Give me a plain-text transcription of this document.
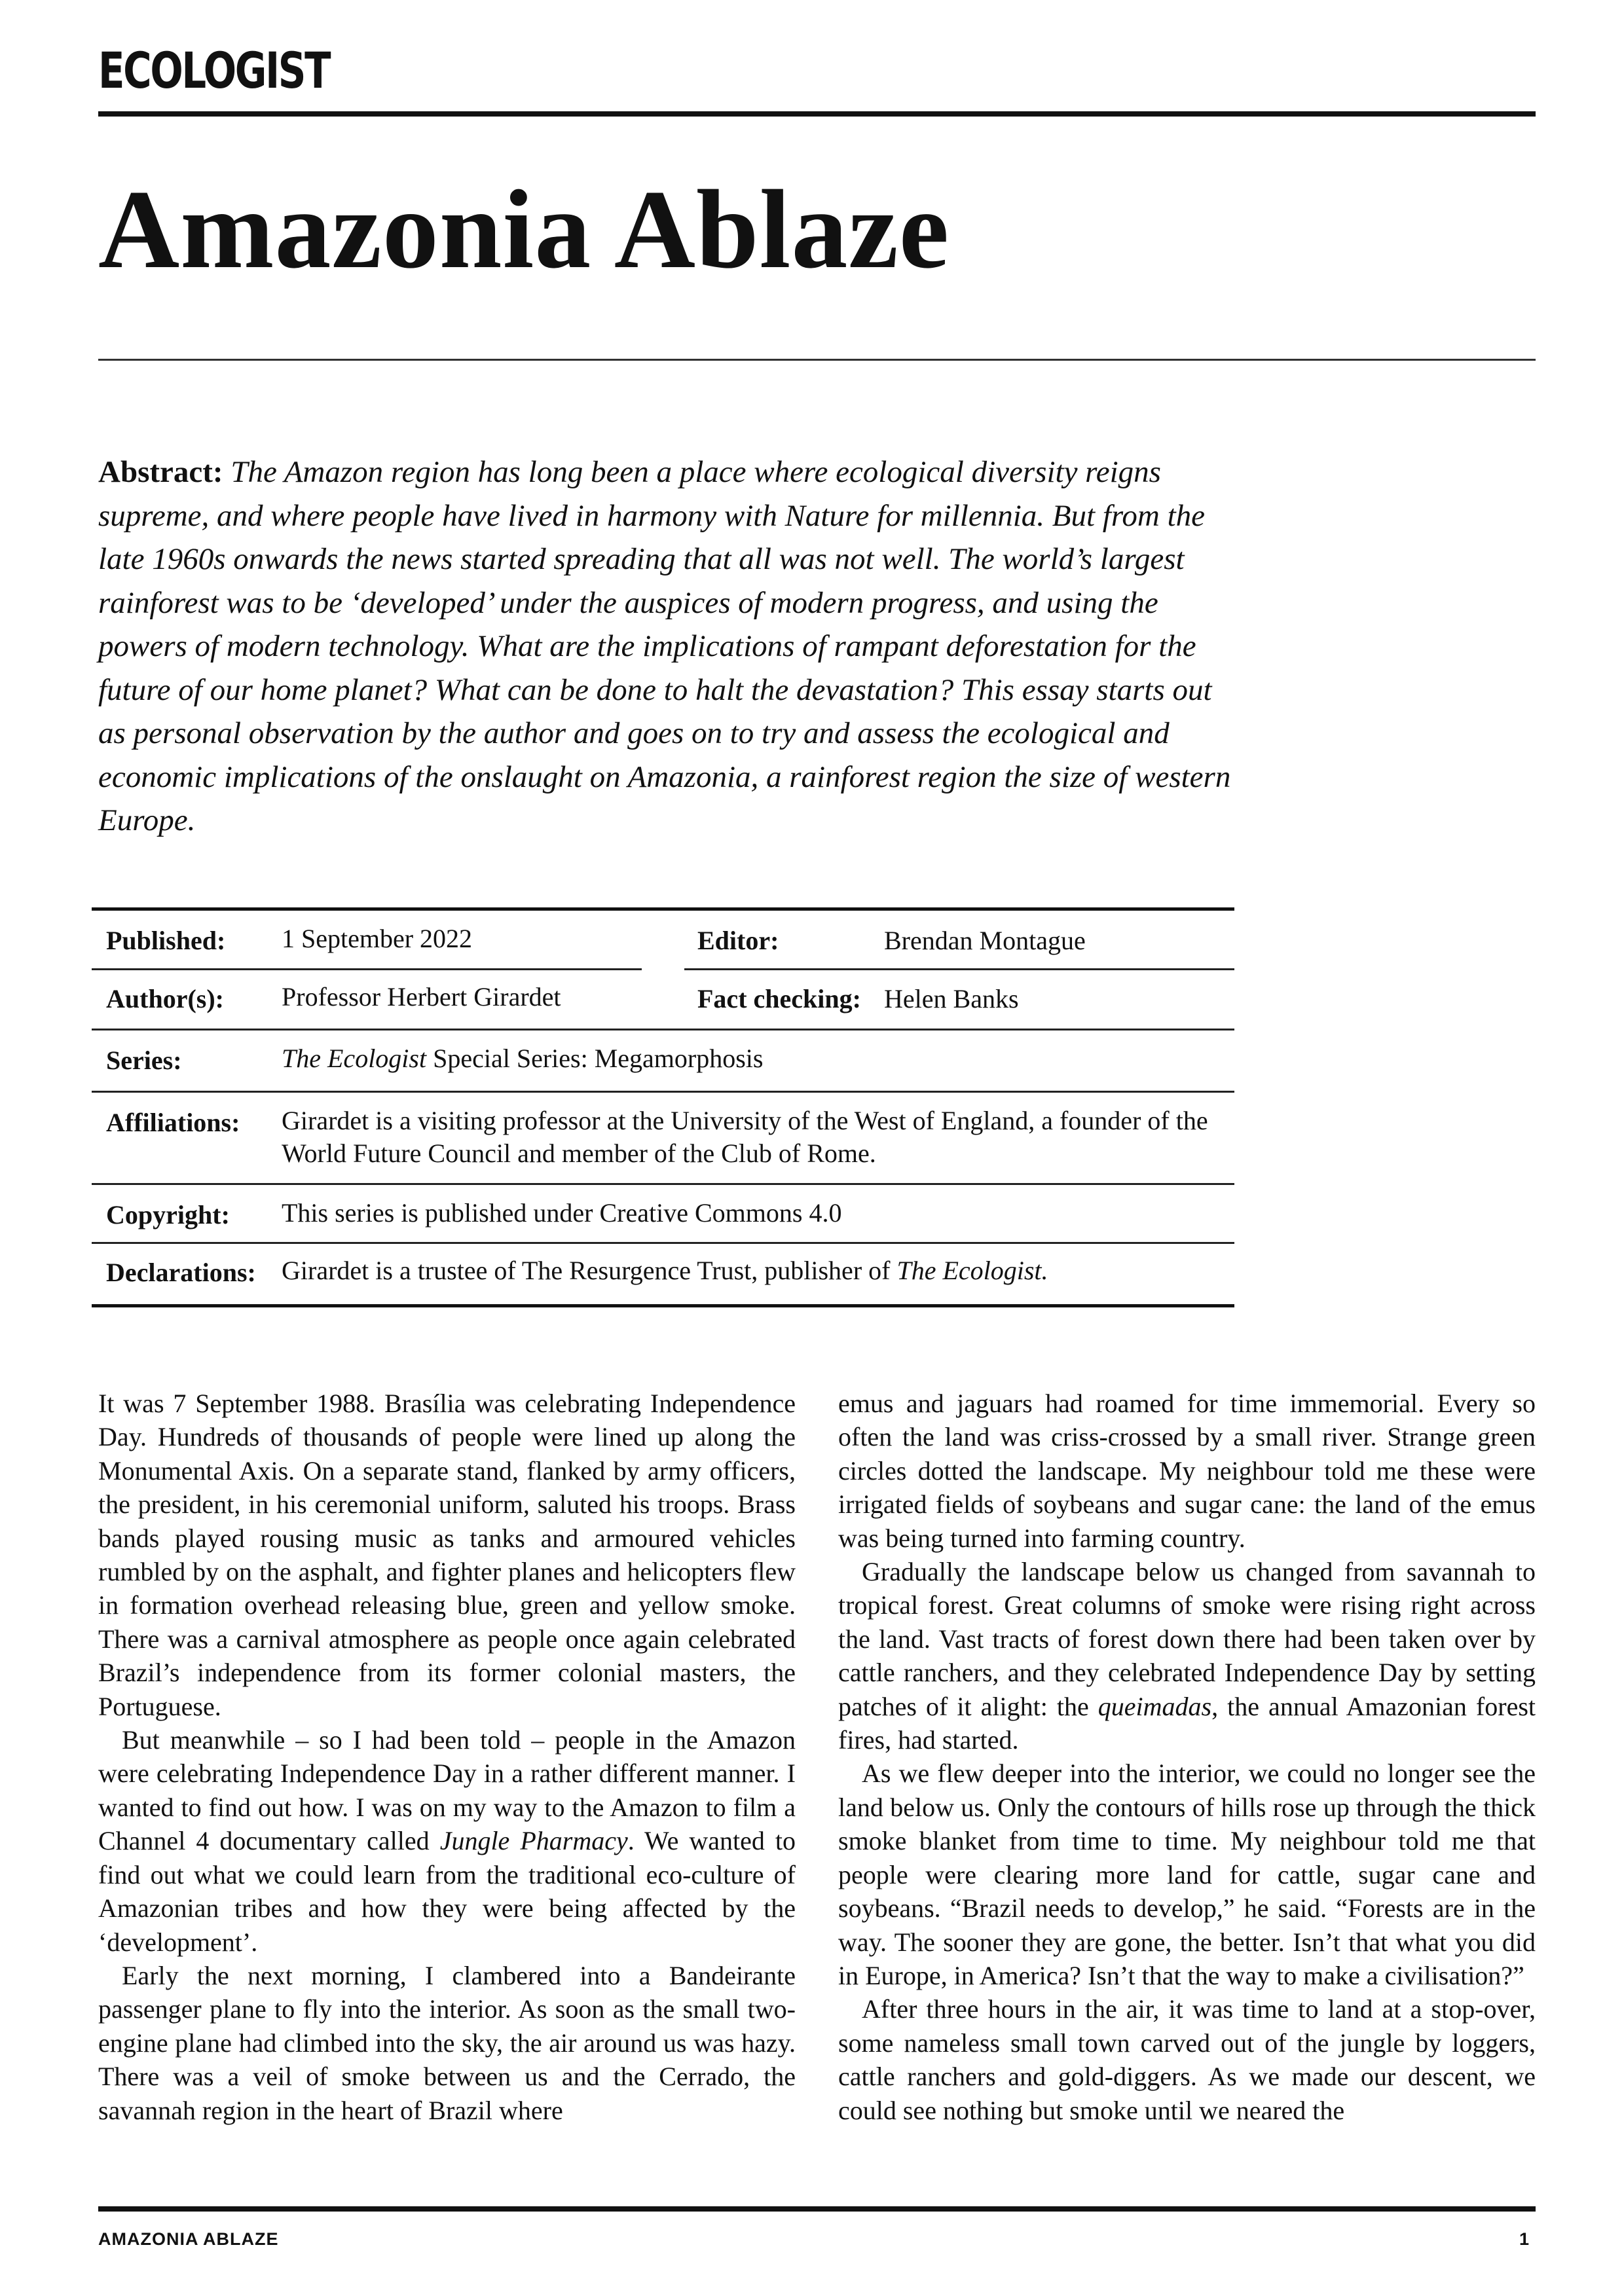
ECOLOGIST
Amazonia Ablaze

Abstract: The Amazon region has long been a place where ecological diversity reigns supreme, and where people have lived in harmony with Nature for millennia. But from the late 1960s onwards the news started spreading that all was not well. The world’s largest rainforest was to be ‘developed’ under the auspices of modern progress, and using the powers of modern technology. What are the implications of rampant deforestation for the future of our home planet? What can be done to halt the devastation? This essay starts out as personal observation by the author and goes on to try and assess the ecological and economic implications of the onslaught on Amazonia, a rainforest region the size of western Europe.

Published: 1 September 2022	Editor:	Brendan Montague
Author(s): Professor Herbert Girardet	Fact checking: Helen Banks
Series:	The Ecologist Special Series: Megamorphosis
Affiliations: Girardet is a visiting professor at the University of the West of England, a founder of the World Future Council and member of the Club of Rome.
Copyright: This series is published under Creative Commons 4.0
Declarations: Girardet is a trustee of The Resurgence Trust, publisher of The Ecologist.

It was 7 September 1988. Brasília was celebrating Independence Day. Hundreds of thousands of people were lined up along the Monumental Axis. On a separate stand, flanked by army officers, the president, in his ceremonial uniform, saluted his troops. Brass bands played rousing music as tanks and armoured vehicles rumbled by on the asphalt, and fighter planes and helicopters flew in formation overhead releasing blue, green and yellow smoke. There was a carnival atmosphere as people once again celebrated Brazil’s independence from its former colonial masters, the Portuguese.

But meanwhile – so I had been told – people in the Amazon were celebrating Independence Day in a rather different manner. I wanted to find out how. I was on my way to the Amazon to film a Channel 4 documentary called Jungle Pharmacy. We wanted to find out what we could learn from the traditional eco-culture of Amazonian tribes and how they were being affected by the ‘development’.

Early the next morning, I clambered into a Bandeirante passenger plane to fly into the interior. As soon as the small two-engine plane had climbed into the sky, the air around us was hazy. There was a veil of smoke between us and the Cerrado, the savannah region in the heart of Brazil where

emus and jaguars had roamed for time immemorial. Every so often the land was criss-crossed by a small river. Strange green circles dotted the landscape. My neighbour told me these were irrigated fields of soybeans and sugar cane: the land of the emus was being turned into farming country.

Gradually the landscape below us changed from savannah to tropical forest. Great columns of smoke were rising right across the land. Vast tracts of forest down there had been taken over by cattle ranchers, and they celebrated Independence Day by setting patches of it alight: the queimadas, the annual Amazonian forest fires, had started.

As we flew deeper into the interior, we could no longer see the land below us. Only the contours of hills rose up through the thick smoke blanket from time to time. My neighbour told me that people were clearing more land for cattle, sugar cane and soybeans. “Brazil needs to develop,” he said. “Forests are in the way. The sooner they are gone, the better. Isn’t that what you did in Europe, in America? Isn’t that the way to make a civilisation?”

After three hours in the air, it was time to land at a stop-over, some nameless small town carved out of the jungle by loggers, cattle ranchers and gold-diggers. As we made our descent, we could see nothing but smoke until we neared the

AMAZONIA ABLAZE	1
